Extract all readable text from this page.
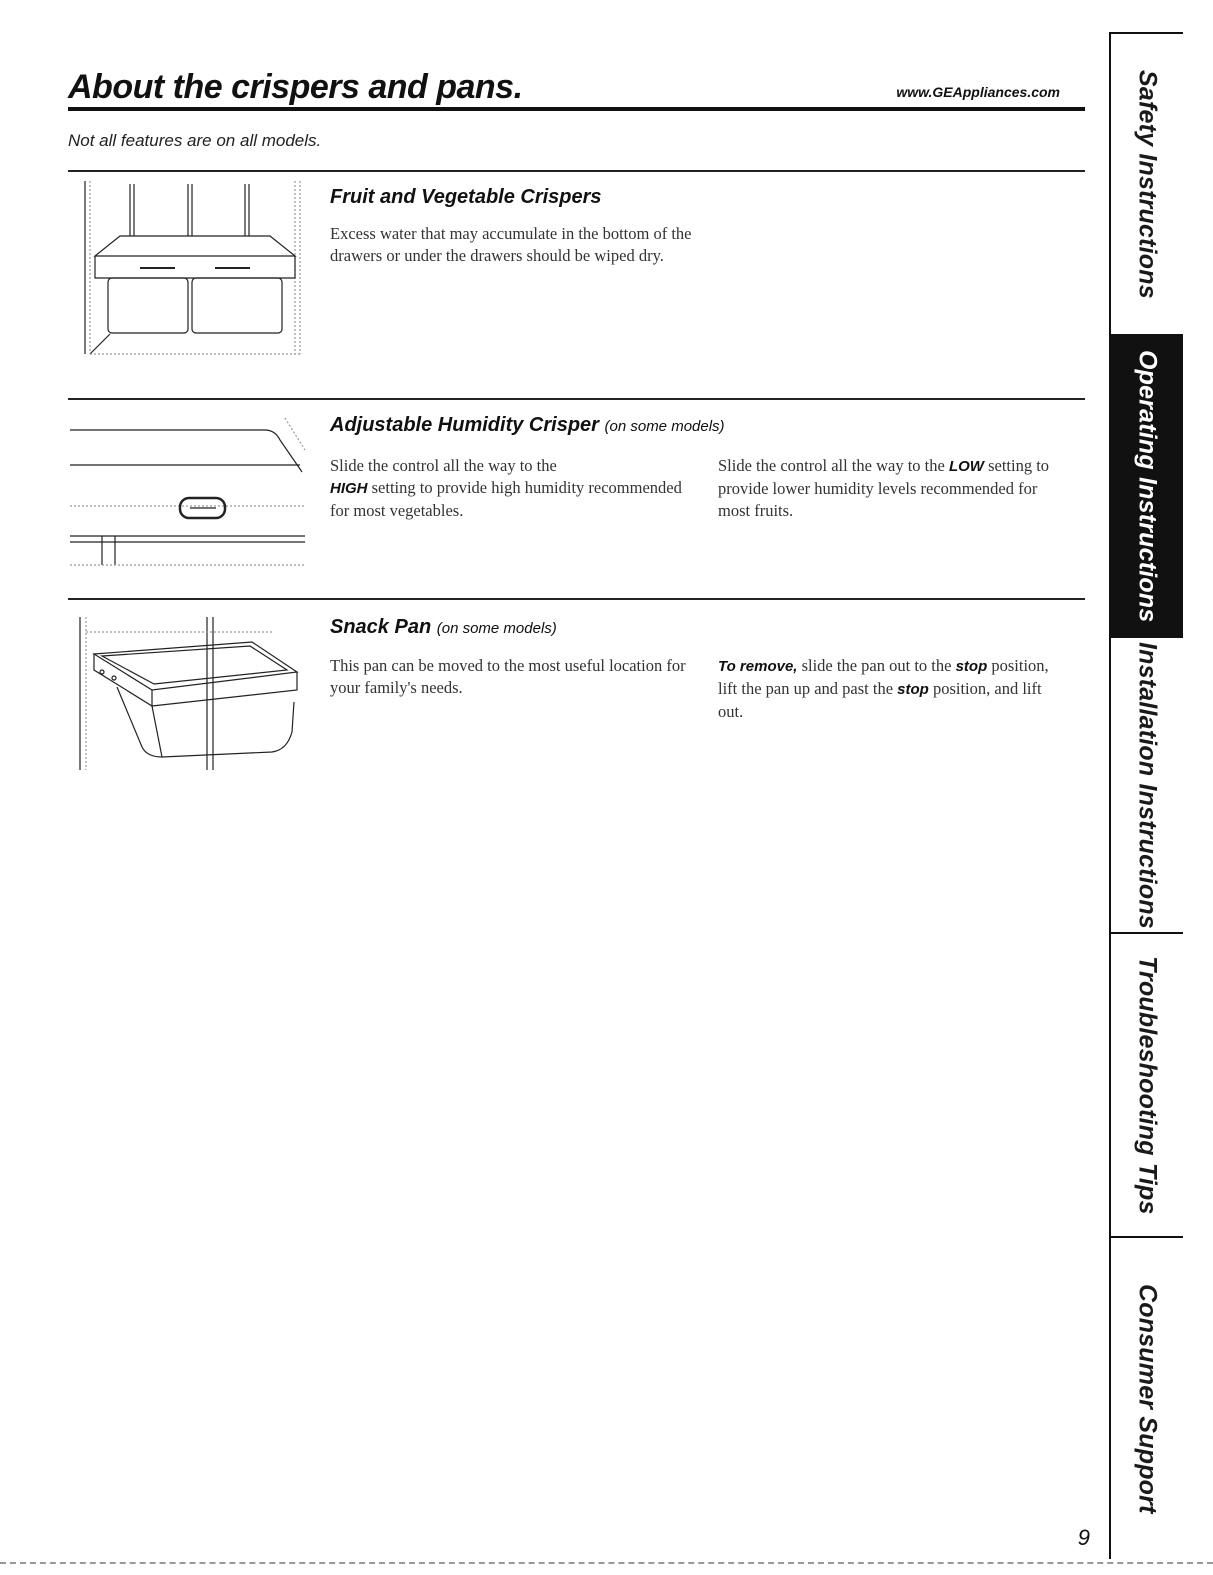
About the crispers and pans.	www.GEAppliances.com
Not all features are on all models.
Fruit and Vegetable Crispers
Excess water that may accumulate in the bottom of the drawers or under the drawers should be wiped dry.
Adjustable Humidity Crisper (on some models)
Slide the control all the way to the
HIGH setting to provide high humidity recommended for most vegetables.
Slide the control all the way to the LOW setting to provide lower humidity levels recommended for most fruits.
Snack Pan (on some models)
This pan can be moved to the most useful location for your family's needs.
To remove, slide the pan out to the stop position, lift the pan up and past the stop position, and lift out.
Safety Instructions
Operating Instructions
Installation Instructions
Troubleshooting Tips
Consumer Support
9
